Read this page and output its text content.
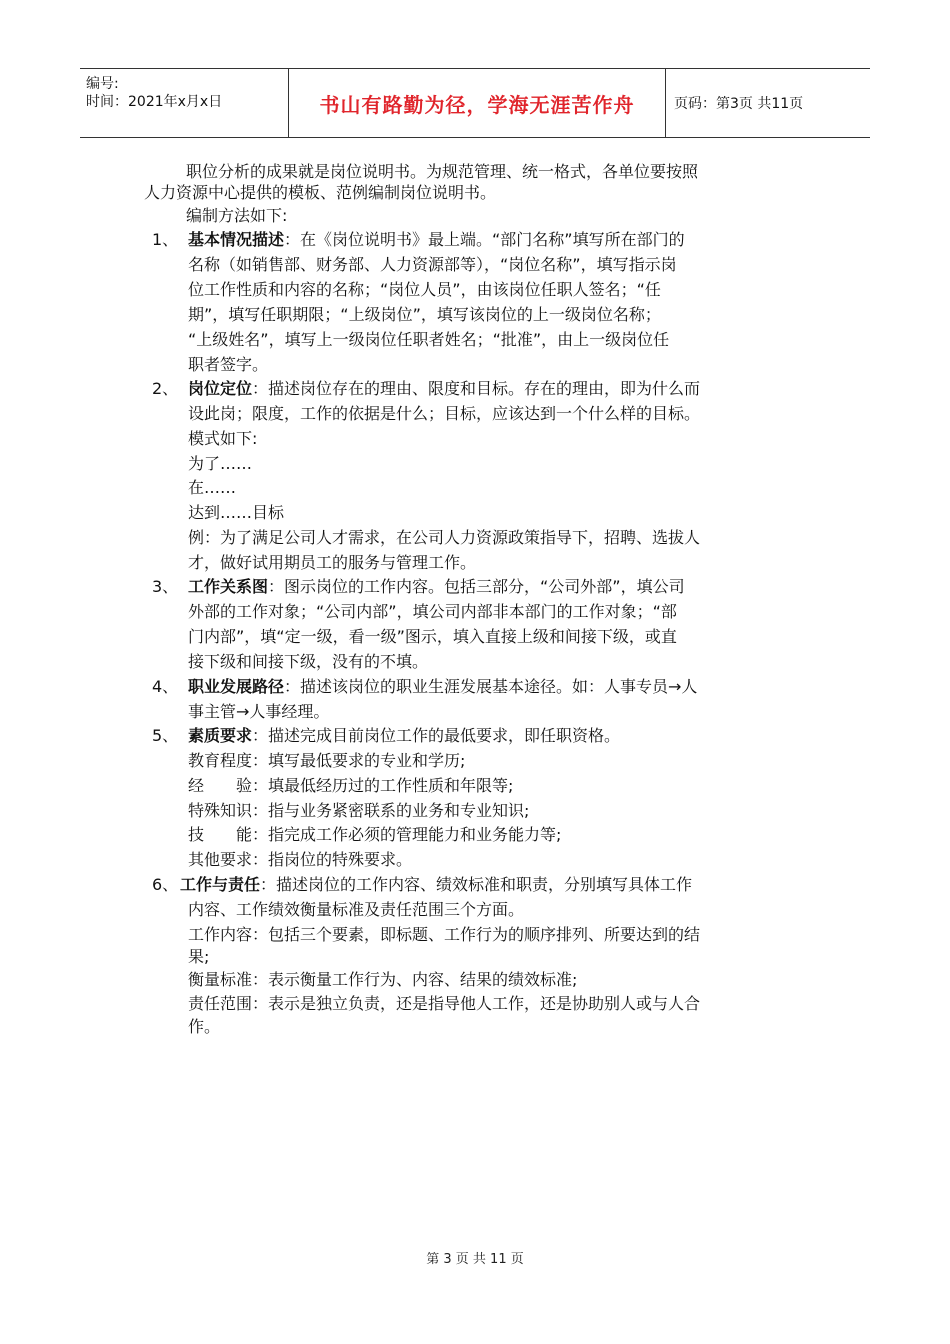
编号:
时间：2021年x月x日	书山有路勤为径，学海无涯苦作舟	页码：第3页 共11页
职位分析的成果就是岗位说明书。为规范管理、统一格式，各单位要按照
人力资源中心提供的模板、范例编制岗位说明书。
编制方法如下:
1、 基本情况描述：在《岗位说明书》最上端。“部门名称”填写所在部门的
名称（如销售部、财务部、人力资源部等），“岗位名称”，填写指示岗
位工作性质和内容的名称；“岗位人员”，由该岗位任职人签名；“任
期”，填写任职期限；“上级岗位”，填写该岗位的上一级岗位名称；
“上级姓名”，填写上一级岗位任职者姓名；“批准”，由上一级岗位任
职者签字。
2、 岗位定位：描述岗位存在的理由、限度和目标。存在的理由，即为什么而
设此岗；限度，工作的依据是什么；目标，应该达到一个什么样的目标。
模式如下:
为了……
在……
达到……目标
例：为了满足公司人才需求，在公司人力资源政策指导下，招聘、选拔人
才，做好试用期员工的服务与管理工作。
3、 工作关系图：图示岗位的工作内容。包括三部分，“公司外部”，填公司
外部的工作对象；“公司内部”，填公司内部非本部门的工作对象；“部
门内部”，填“定一级，看一级”图示，填入直接上级和间接下级，或直
接下级和间接下级，没有的不填。
4、 职业发展路径：描述该岗位的职业生涯发展基本途径。如：人事专员→人
事主管→人事经理。
5、 素质要求：描述完成目前岗位工作的最低要求，即任职资格。
教育程度：填写最低要求的专业和学历;
经　　验：填最低经历过的工作性质和年限等;
特殊知识：指与业务紧密联系的业务和专业知识;
技　　能：指完成工作必须的管理能力和业务能力等;
其他要求：指岗位的特殊要求。
6、 工作与责任：描述岗位的工作内容、绩效标准和职责，分别填写具体工作
内容、工作绩效衡量标准及责任范围三个方面。
工作内容：包括三个要素，即标题、工作行为的顺序排列、所要达到的结
果;
衡量标准：表示衡量工作行为、内容、结果的绩效标准;
责任范围：表示是独立负责，还是指导他人工作，还是协助别人或与人合
作。
第 3 页 共 11 页
